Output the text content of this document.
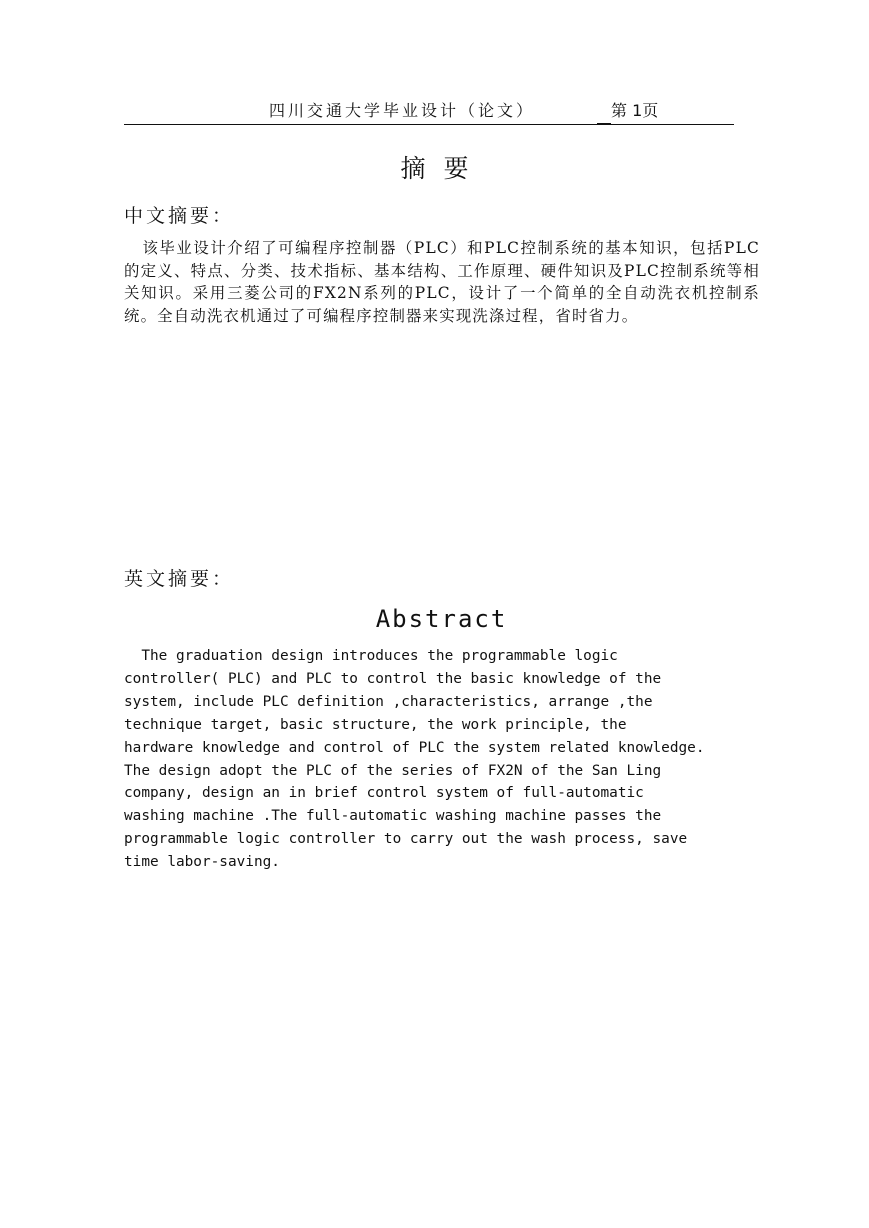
四川交通大学毕业设计（论文）	第 1页
摘要
中文摘要：

该毕业设计介绍了可编程序控制器（PLC）和PLC控制系统的基本知识，包括PLC的定义、特点、分类、技术指标、基本结构、工作原理、硬件知识及PLC控制系统等相关知识。采用三菱公司的FX2N系列的PLC，设计了一个简单的全自动洗衣机控制系统。全自动洗衣机通过了可编程序控制器来实现洗涤过程，省时省力。

英文摘要：
Abstract
The graduation design introduces the programmable logic
controller( PLC) and PLC to control the basic knowledge of the
system, include PLC definition ,characteristics, arrange ,the
technique target, basic structure, the work principle, the
hardware knowledge and control of PLC the system related knowledge.
The design adopt the PLC of the series of FX2N of the San Ling
company, design an in brief control system of full-automatic
washing machine .The full-automatic washing machine passes the
programmable logic controller to carry out the wash process, save
time labor-saving.
